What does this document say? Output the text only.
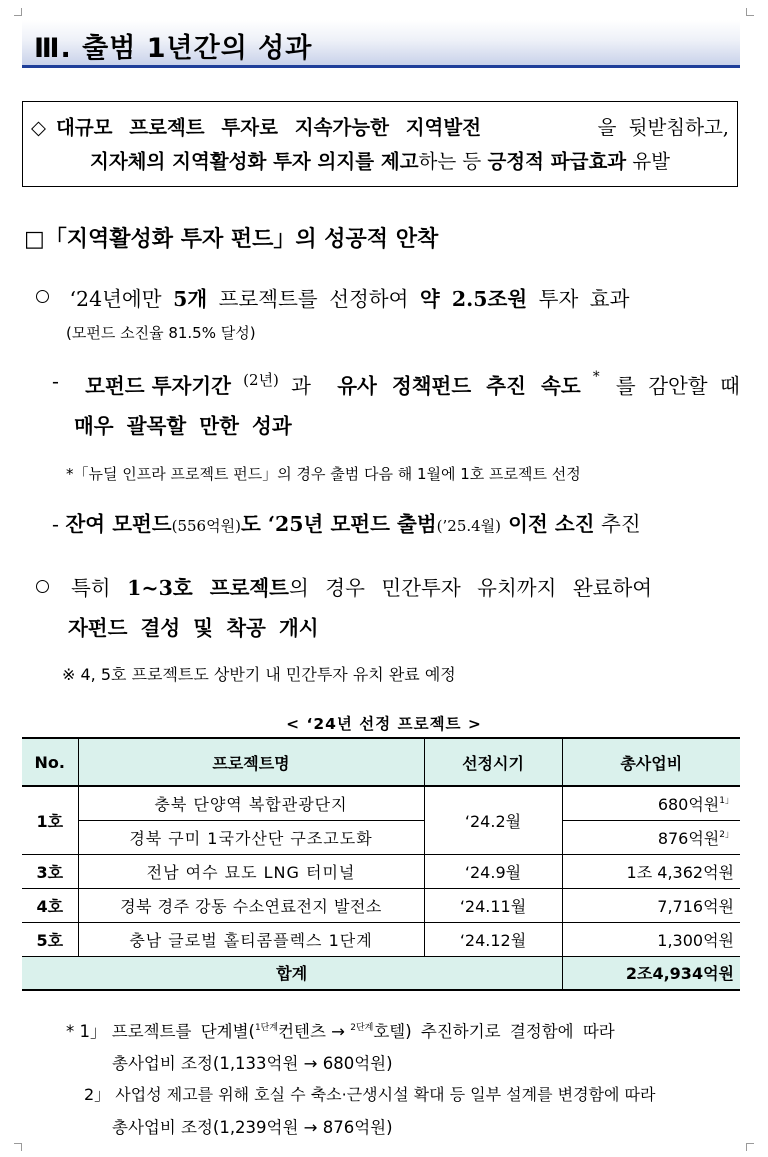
Ⅲ. 출범 1년간의 성과
◇ 대규모 프로젝트 투자로 지속가능한 지역발전	을 뒷받침하고,
지자체의 지역활성화 투자 의지를 제고하는 등 긍정적 파급효과 유발
□「지역활성화 투자 펀드」의 성공적 안착
‘24년에만 5개 프로젝트를 선정하여 약 2.5조원 투자 효과
(모펀드 소진율 81.5% 달성)
- 모펀드 투자기간 (2년) 과 유사 정책펀드 추진 속도 * 를 감안할 때
매우 괄목할 만한 성과
*「뉴딜 인프라 프로젝트 펀드」의 경우 출범 다음 해 1월에 1호 프로젝트 선정
- 잔여 모펀드(556억원)도 ‘25년 모펀드 출범(’25.4월) 이전 소진 추진
특히 1~3호 프로젝트의 경우 민간투자 유치까지 완료하여
자펀드 결성 및 착공 개시
※ 4, 5호 프로젝트도 상반기 내 민간투자 유치 완료 예정
< ‘24년 선정 프로젝트 >
No.	프로젝트명	선정시기	총사업비
1호	충북 단양역 복합관광단지	‘24.2월	680억원$^{1」}$
	경북 구미 1국가산단 구조고도화		876억원$^{2」}$
3호	전남 여수 묘도 LNG 터미널	‘24.9월	1조 4,362억원
4호	경북 경주 강동 수소연료전지 발전소	‘24.11월	7,716억원
5호	충남 글로벌 홀티콤플렉스 1단계	‘24.12월	1,300억원
합계			2조4,934억원
* 1」 프로젝트를 단계별($^{1단계}$컨텐츠 → $^{2단계}$호텔) 추진하기로 결정함에 따라
총사업비 조정(1,133억원 → 680억원)
2」 사업성 제고를 위해 호실 수 축소·근생시설 확대 등 일부 설계를 변경함에 따라
총사업비 조정(1,239억원 → 876억원)
